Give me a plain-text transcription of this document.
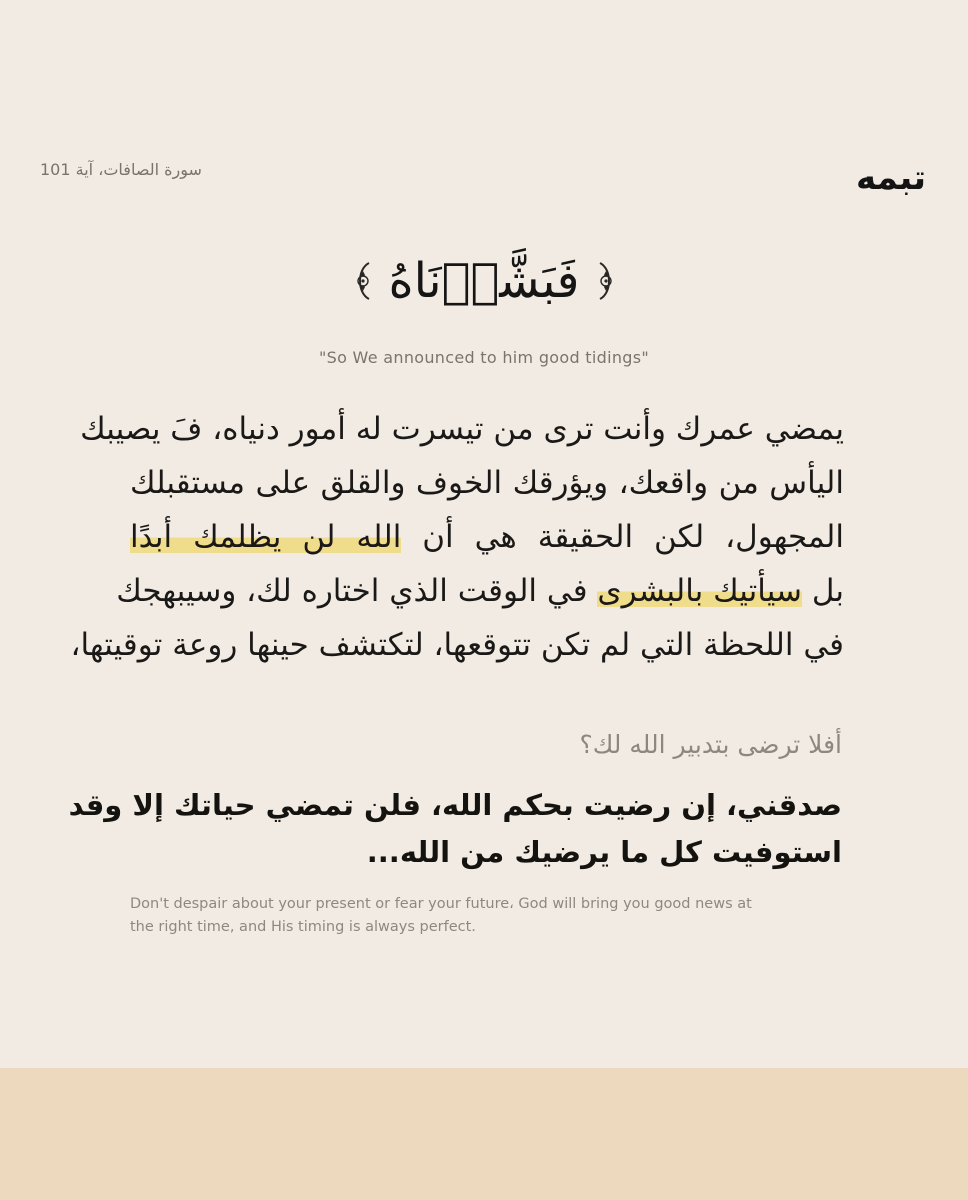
تبمه
سورة الصافات، آية 101
فَبَشَّرۡنَاهُ
"So We announced to him good tidings"
يمضي عمرك وأنت ترى من تيسرت له أمور دنياه، فَ يصيبك
اليأس من واقعك، ويؤرقك الخوف والقلق على مستقبلك
المجهول، لكن الحقيقة هي أن الله لن يظلمك أبدًا
بل سيأتيك بالبشرى في الوقت الذي اختاره لك، وسيبهجك
في اللحظة التي لم تكن تتوقعها، لتكتشف حينها روعة توقيتها،
أفلا ترضى بتدبير الله لك؟
صدقني، إن رضيت بحكم الله، فلن تمضي حياتك إلا وقد
استوفيت كل ما يرضيك من الله...
Don't despair about your present or fear your future، God will bring you good news at
the right time, and His timing is always perfect.
